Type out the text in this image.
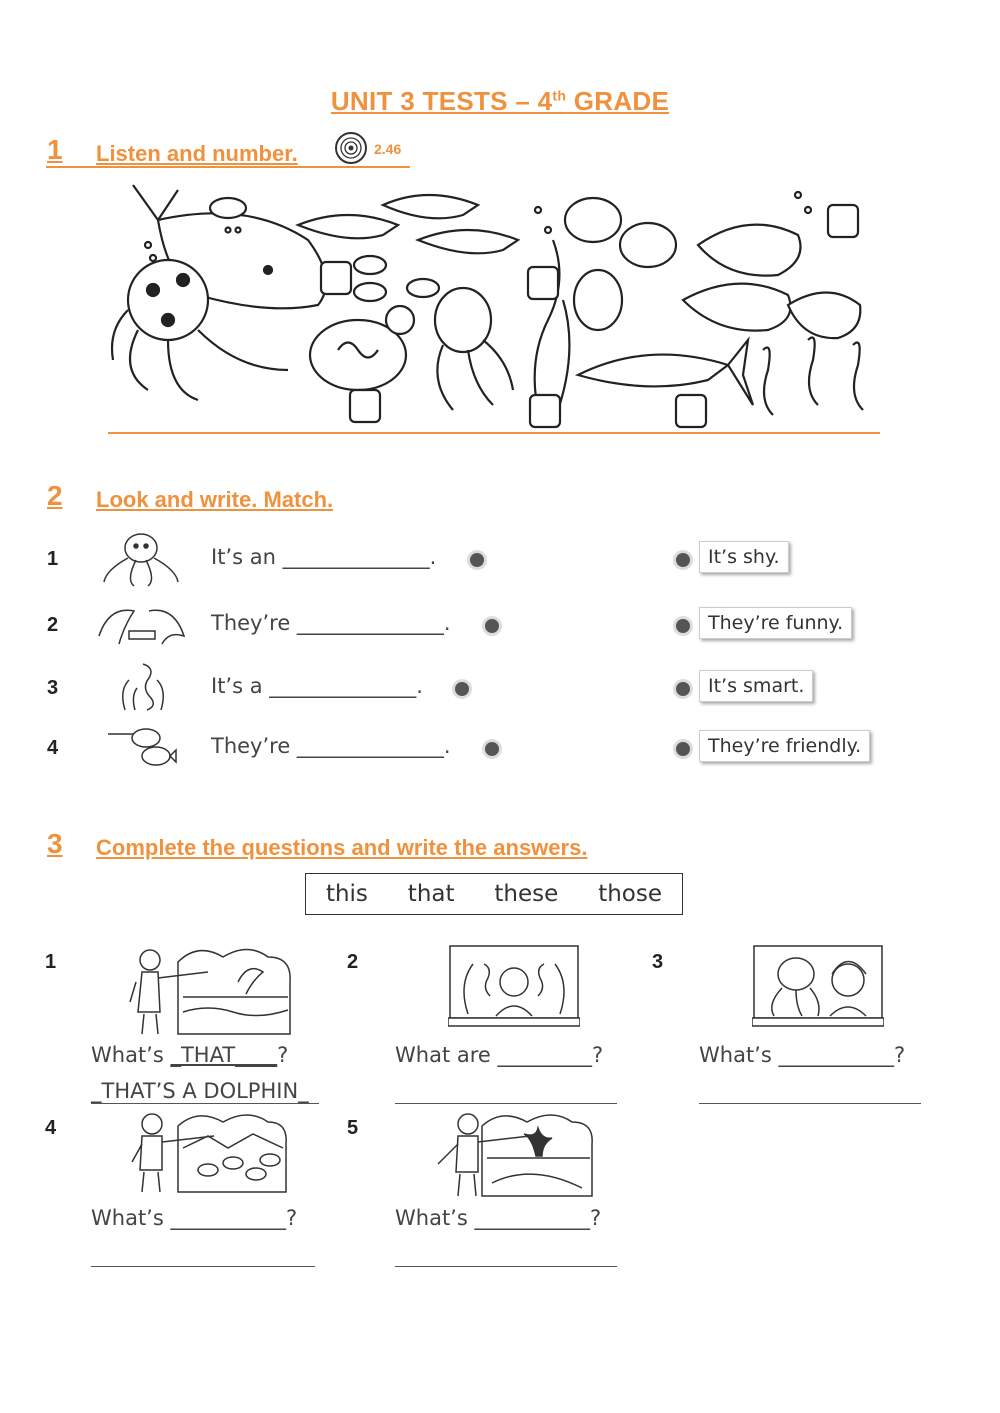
UNIT 3 TESTS – 4th GRADE
1 Listen and number.	2.46
2 Look and write. Match.
1	It’s an ______________.
2	They’re ______________.
3	It’s a ______________.
4	They’re ______________.
It’s shy.
They’re funny.
It’s smart.
They’re friendly.
3 Complete the questions and write the answers.
this that these those
1	2	3
4	5
What’s _THAT____?
_THAT’S A DOLPHIN_
What are _________?	What’s ___________?
What’s ___________?	What’s ___________?
